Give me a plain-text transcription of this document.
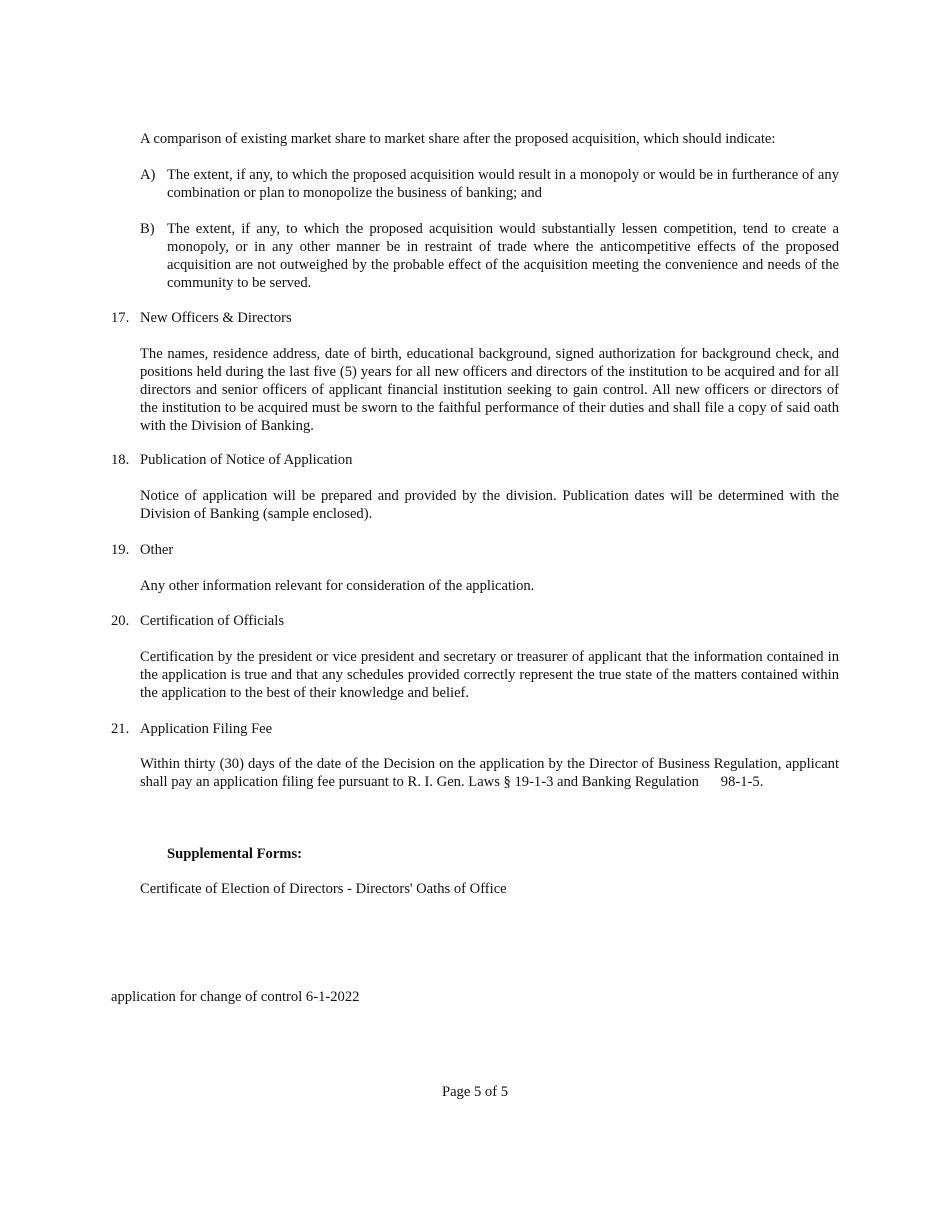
A comparison of existing market share to market share after the proposed acquisition, which should indicate:

A) The extent, if any, to which the proposed acquisition would result in a monopoly or would be in furtherance of any combination or plan to monopolize the business of banking; and
B) The extent, if any, to which the proposed acquisition would substantially lessen competition, tend to create a monopoly, or in any other manner be in restraint of trade where the anticompetitive effects of the proposed acquisition are not outweighed by the probable effect of the acquisition meeting the convenience and needs of the community to be served.
17. New Officers & Directors

The names, residence address, date of birth, educational background, signed authorization for background check, and positions held during the last five (5) years for all new officers and directors of the institution to be acquired and for all directors and senior officers of applicant financial institution seeking to gain control. All new officers or directors of the institution to be acquired must be sworn to the faithful performance of their duties and shall file a copy of said oath with the Division of Banking.

18. Publication of Notice of Application

Notice of application will be prepared and provided by the division. Publication dates will be determined with the Division of Banking (sample enclosed).

19. Other

Any other information relevant for consideration of the application.

20. Certification of Officials

Certification by the president or vice president and secretary or treasurer of applicant that the information contained in the application is true and that any schedules provided correctly represent the true state of the matters contained within the application to the best of their knowledge and belief.

21. Application Filing Fee

Within thirty (30) days of the date of the Decision on the application by the Director of Business Regulation, applicant shall pay an application filing fee pursuant to R. I. Gen. Laws § 19-1-3 and Banking Regulation      98-1-5.

Supplemental Forms:
Certificate of Election of Directors - Directors' Oaths of Office
application for change of control 6-1-2022
Page 5 of 5
